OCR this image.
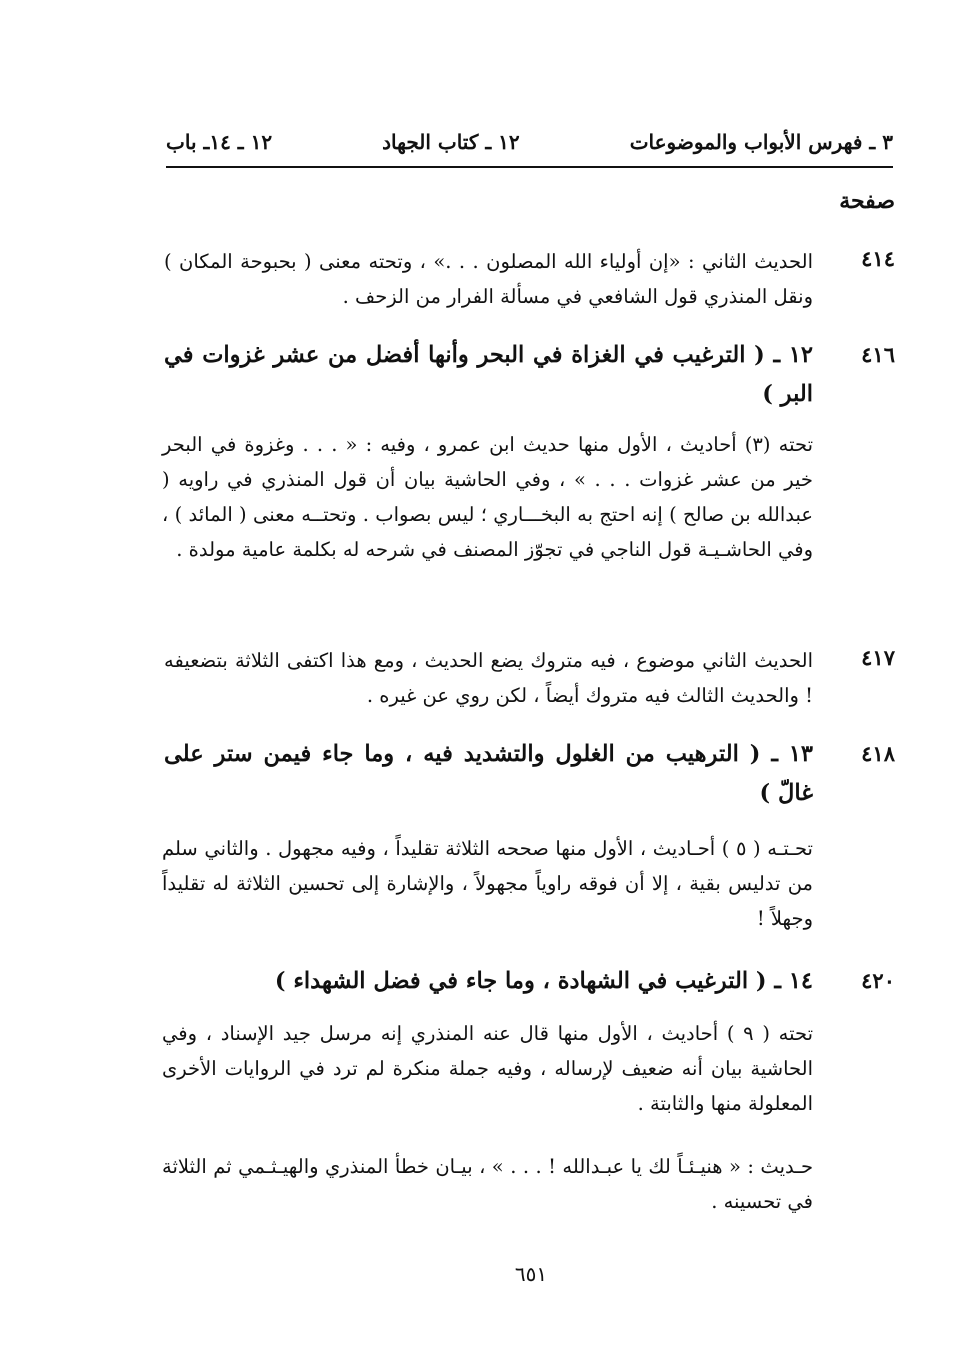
٣ ـ فهرس الأبواب والموضوعات
١٢ ـ كتاب الجهاد
١٢ ـ ١٤ـ باب
صفحة
٤١٤
الحديث الثاني : «إن أولياء الله المصلون . . .» ، وتحته معنى ( بحبوحة المكان ) ونقل المنذري قول الشافعي في مسألة الفرار من الزحف .
٤١٦
١٢ ـ ( الترغيب في الغزاة في البحر وأنها أفضل من عشر غزوات في البر )
تحته (٣) أحاديث ، الأول منها حديث ابن عمرو ، وفيه : « . . . وغزوة في البحر خير من عشر غزوات . . . » ، وفي الحاشية بيان أن قول المنذري في راويه ( عبدالله بن صالح ) إنه احتج به البخـــاري ؛ ليس بصواب . وتحتــه معنى ( المائد ) ، وفي الحاشـيـة قول الناجي في تجوّز المصنف في شرحه له بكلمة عامية مولدة .
٤١٧
الحديث الثاني موضوع ، فيه متروك يضع الحديث ، ومع هذا اكتفى الثلاثة بتضعيفه ! والحديث الثالث فيه متروك أيضاً ، لكن روي عن غيره .
٤١٨
١٣ ـ ( الترهيب من الغلول والتشديد فيه ، وما جاء فيمن ستر على غالّ )
تحـتـه ( ٥ ) أحـاديث ، الأول منها صححه الثلاثة تقليداً ، وفيه مجهول . والثاني سلم من تدليس بقية ، إلا أن فوقه راوياً مجهولاً ، والإشارة إلى تحسين الثلاثة له تقليداً وجهلاً !
٤٢٠
١٤ ـ ( الترغيب في الشهادة ، وما جاء في فضل الشهداء )
تحته ( ٩ ) أحاديث ، الأول منها قال عنه المنذري إنه مرسل جيد الإسناد ، وفي الحاشية بيان أنه ضعيف لإرساله ، وفيه جملة منكرة لم ترد في الروايات الأخرى المعلولة منها والثابتة .
حـديث : « هنيـئـاً لك يا عبـدالله ! . . . » ، بيـان خطأ المنذري والهيـثـمي ثم الثلاثة في تحسينه .
٦٥١
